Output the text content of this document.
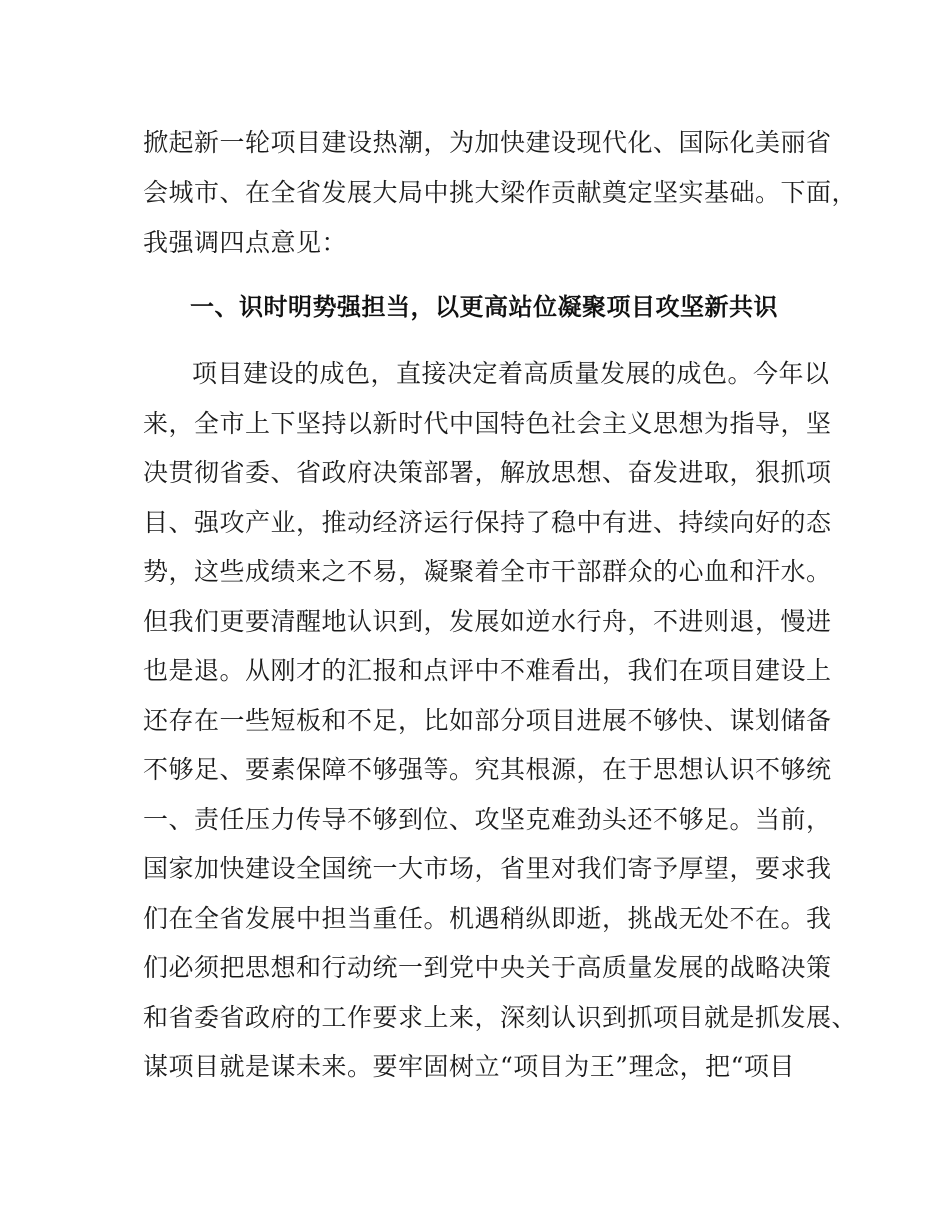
掀起新一轮项目建设热潮，为加快建设现代化、国际化美丽省
会城市、在全省发展大局中挑大梁作贡献奠定坚实基础。下面，
我强调四点意见：
一、识时明势强担当，以更高站位凝聚项目攻坚新共识
项目建设的成色，直接决定着高质量发展的成色。今年以
来，全市上下坚持以新时代中国特色社会主义思想为指导，坚
决贯彻省委、省政府决策部署，解放思想、奋发进取，狠抓项
目、强攻产业，推动经济运行保持了稳中有进、持续向好的态
势，这些成绩来之不易，凝聚着全市干部群众的心血和汗水。
但我们更要清醒地认识到，发展如逆水行舟，不进则退，慢进
也是退。从刚才的汇报和点评中不难看出，我们在项目建设上
还存在一些短板和不足，比如部分项目进展不够快、谋划储备
不够足、要素保障不够强等。究其根源，在于思想认识不够统
一、责任压力传导不够到位、攻坚克难劲头还不够足。当前，
国家加快建设全国统一大市场，省里对我们寄予厚望，要求我
们在全省发展中担当重任。机遇稍纵即逝，挑战无处不在。我
们必须把思想和行动统一到党中央关于高质量发展的战略决策
和省委省政府的工作要求上来，深刻认识到抓项目就是抓发展、
谋项目就是谋未来。要牢固树立“项目为王”理念，把“项目
